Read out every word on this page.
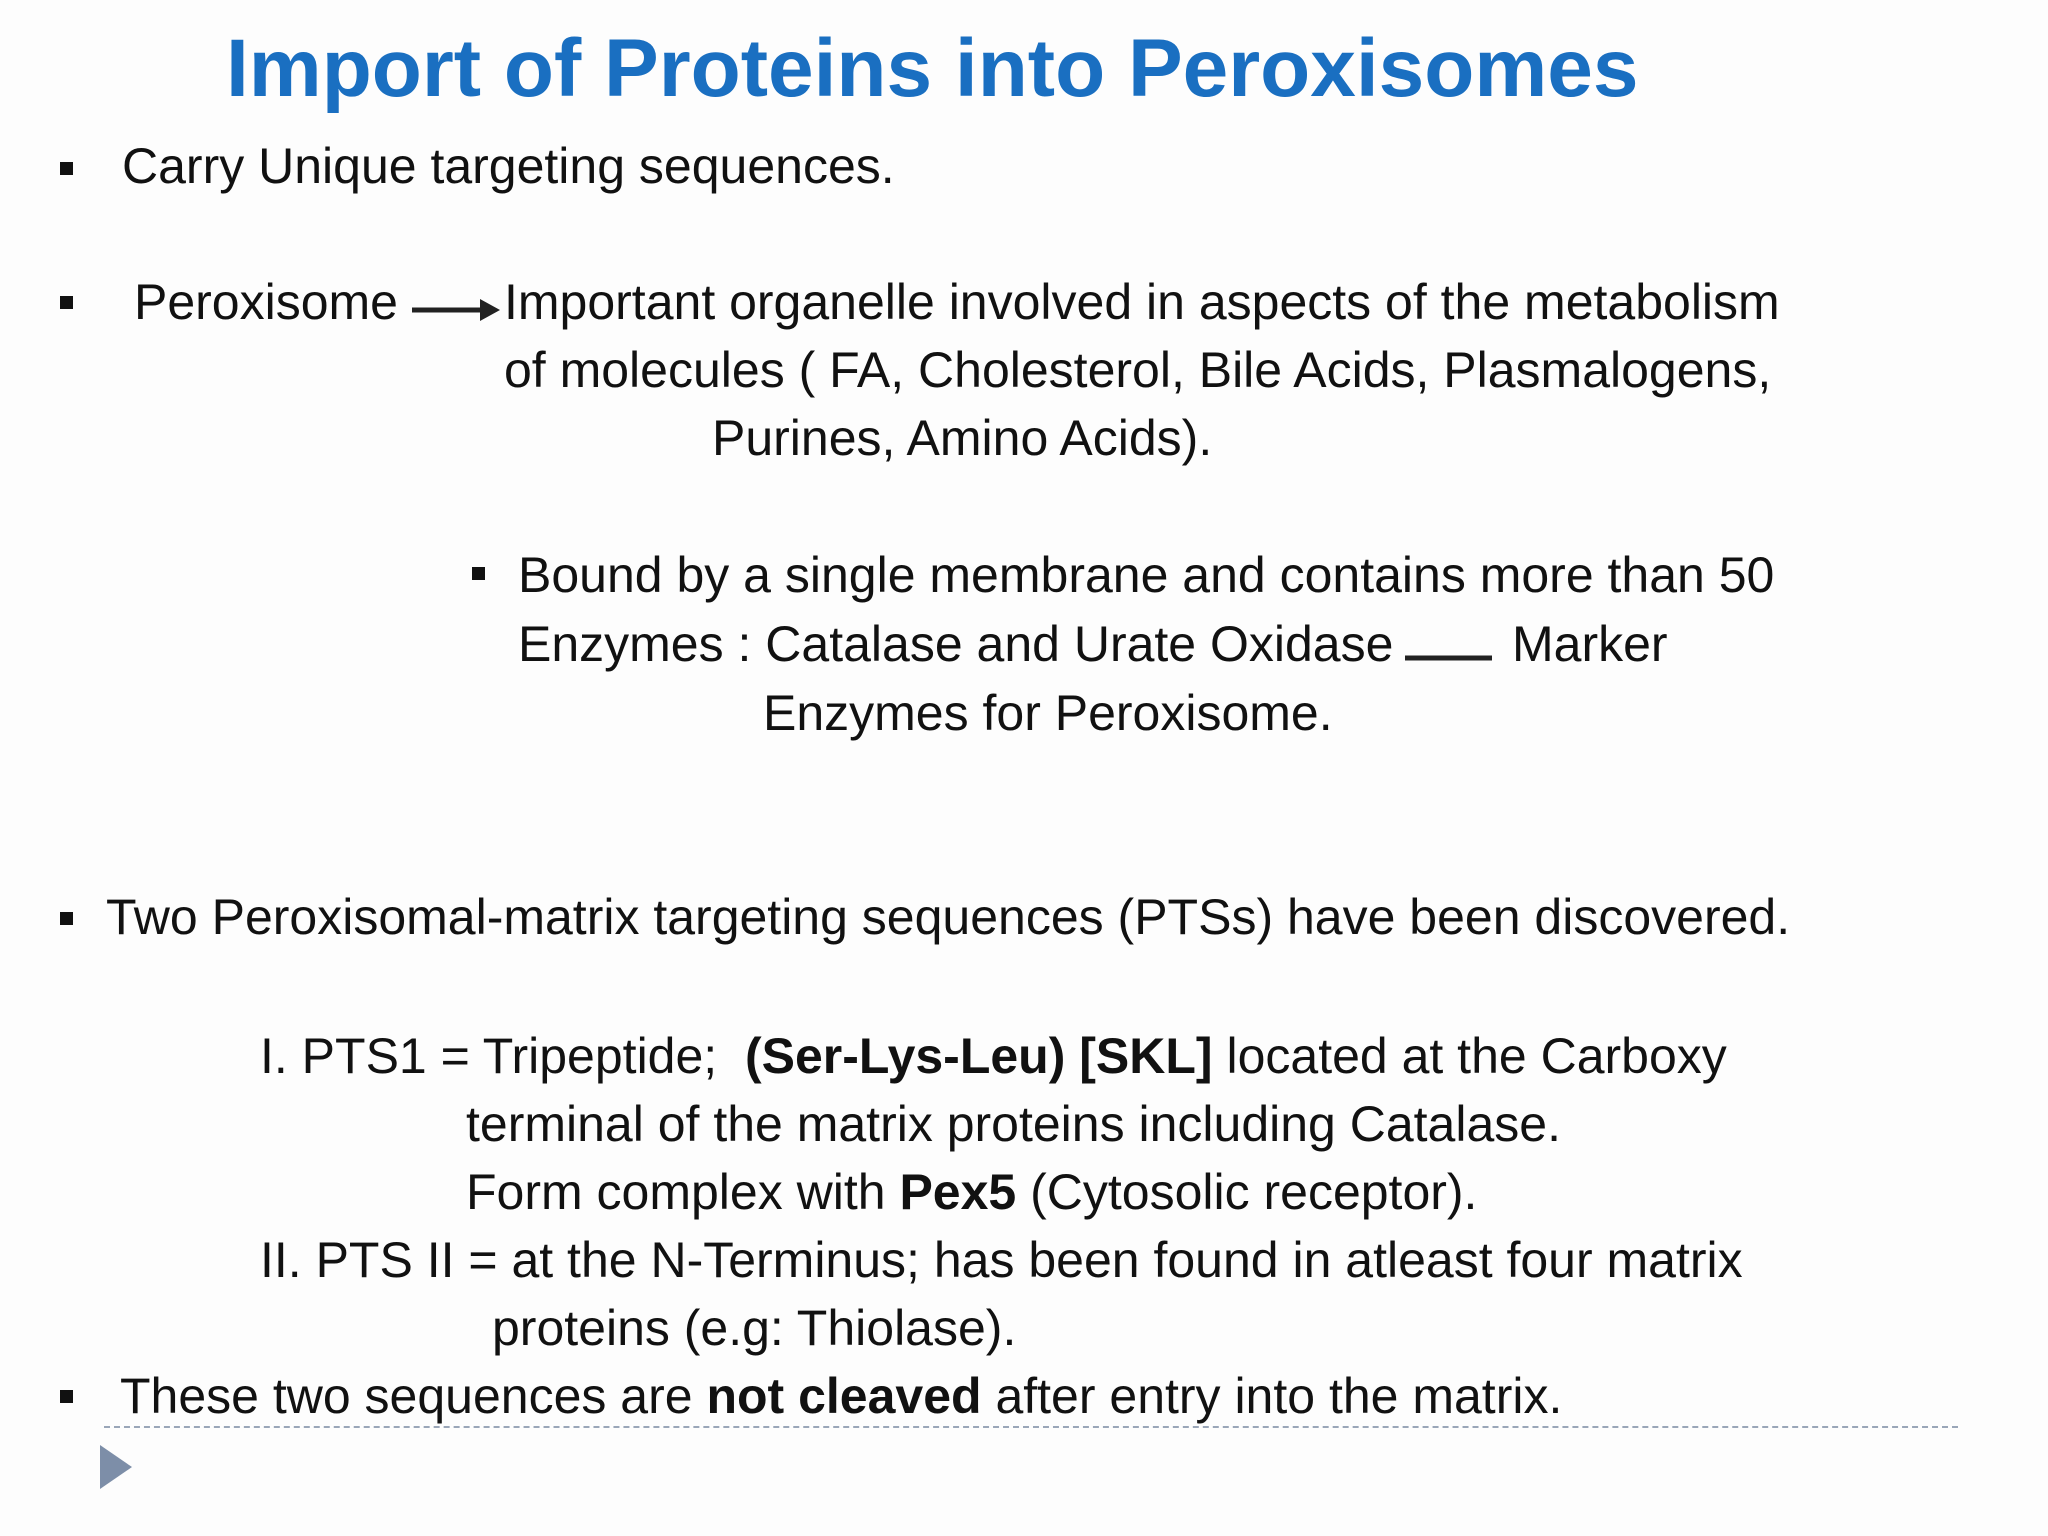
Import of Proteins into Peroxisomes
Carry Unique targeting sequences.
Peroxisome Important organelle involved in aspects of the metabolism
of molecules ( FA, Cholesterol, Bile Acids, Plasmalogens,
Purines, Amino Acids).
Bound by a single membrane and contains more than 50
Enzymes : Catalase and Urate Oxidase Marker
Enzymes for Peroxisome.
Two Peroxisomal-matrix targeting sequences (PTSs) have been discovered.
I. PTS1 = Tripeptide;  (Ser-Lys-Leu) [SKL] located at the Carboxy
terminal of the matrix proteins including Catalase.
Form complex with Pex5 (Cytosolic receptor).
II. PTS II = at the N-Terminus; has been found in atleast four matrix
proteins (e.g: Thiolase).
These two sequences are not cleaved after entry into the matrix.
